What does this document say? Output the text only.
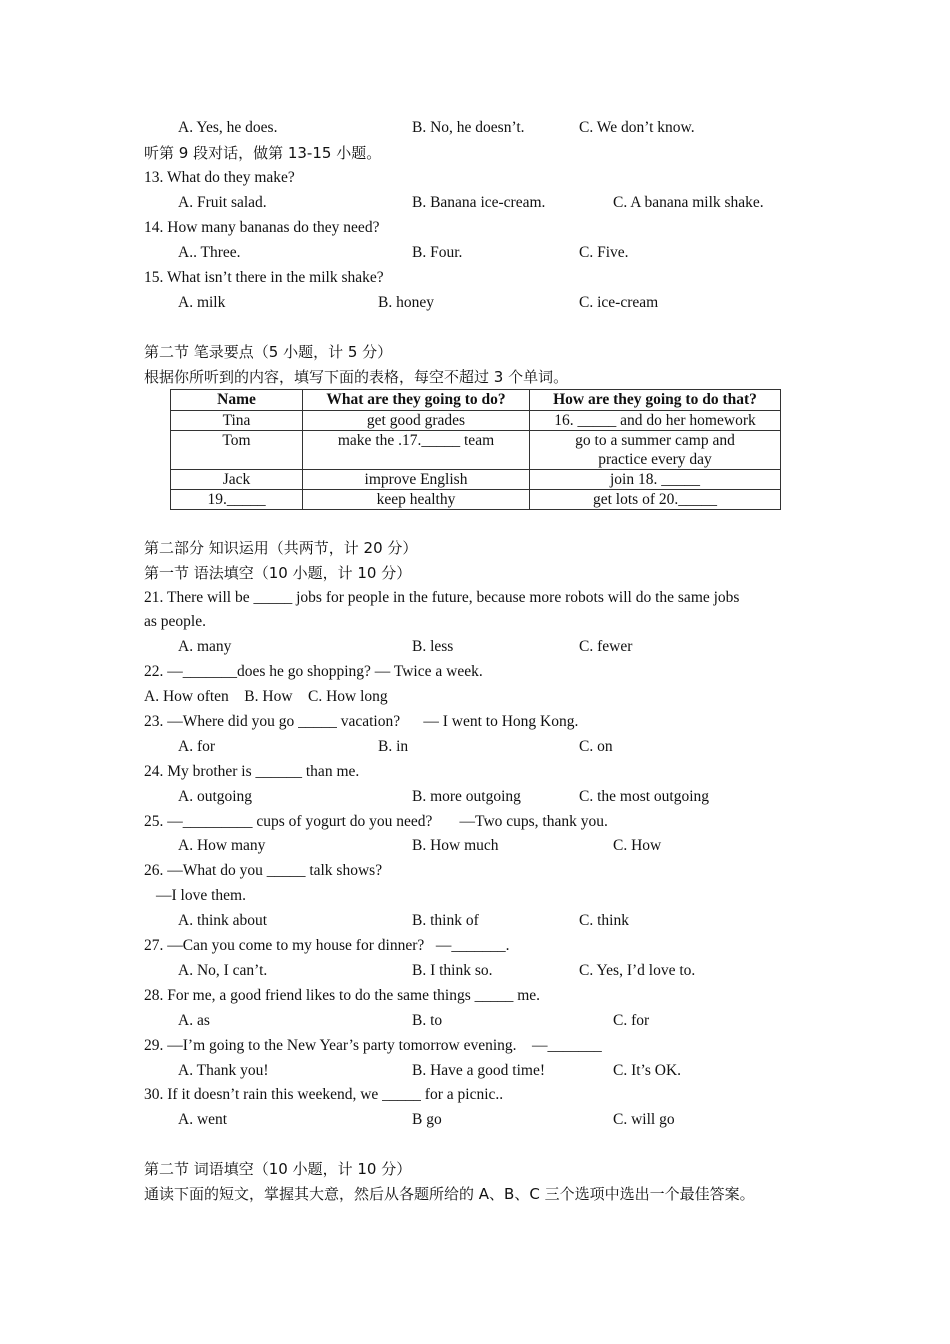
A. Yes, he does.	B. No, he doesn’t.	C. We don’t know.
听第 9 段对话，做第 13-15 小题。
13. What do they make?
A. Fruit salad.	B. Banana ice-cream.	C. A banana milk shake.
14. How many bananas do they need?
A.. Three.	B. Four.	C. Five.
15. What isn’t there in the milk shake?
A. milk	B. honey	C. ice-cream
第二节 笔录要点（5 小题，计 5 分）
根据你所听到的内容，填写下面的表格，每空不超过 3 个单词。
Name	What are they going to do?	How are they going to do that?
Tina	get good grades	16. _____ and do her homework
Tom	make the .17._____ team	go to a summer camp and
practice every day

Jack	improve English	join 18. _____
19._____	keep healthy	get lots of 20._____
第二部分 知识运用（共两节，计 20 分）
第一节 语法填空（10 小题，计 10 分）
21. There will be _____ jobs for people in the future, because more robots will do the same jobs
as people.
A. many	B. less	C. fewer
22. —_______does he go shopping? — Twice a week.
A. How often    B. How    C. How long
23. —Where did you go _____ vacation?      — I went to Hong Kong.
A. for	B. in	C. on
24. My brother is ______ than me.
A. outgoing	B. more outgoing	C. the most outgoing
25. —_________ cups of yogurt do you need?       —Two cups, thank you.
A. How many	B. How much	C. How
26. —What do you _____ talk shows?
—I love them.
A. think about	B. think of	C. think
27. —Can you come to my house for dinner?   —_______.
A. No, I can’t.	B. I think so.	C. Yes, I’d love to.
28. For me, a good friend likes to do the same things _____ me.
A. as	B. to	C. for
29. —I’m going to the New Year’s party tomorrow evening.    —_______
A. Thank you!	B. Have a good time!	C. It’s OK.
30. If it doesn’t rain this weekend, we _____ for a picnic..
A. went	B go	C. will go
第二节 词语填空（10 小题，计 10 分）
通读下面的短文，掌握其大意，然后从各题所给的 A、B、C 三个选项中选出一个最佳答案。
